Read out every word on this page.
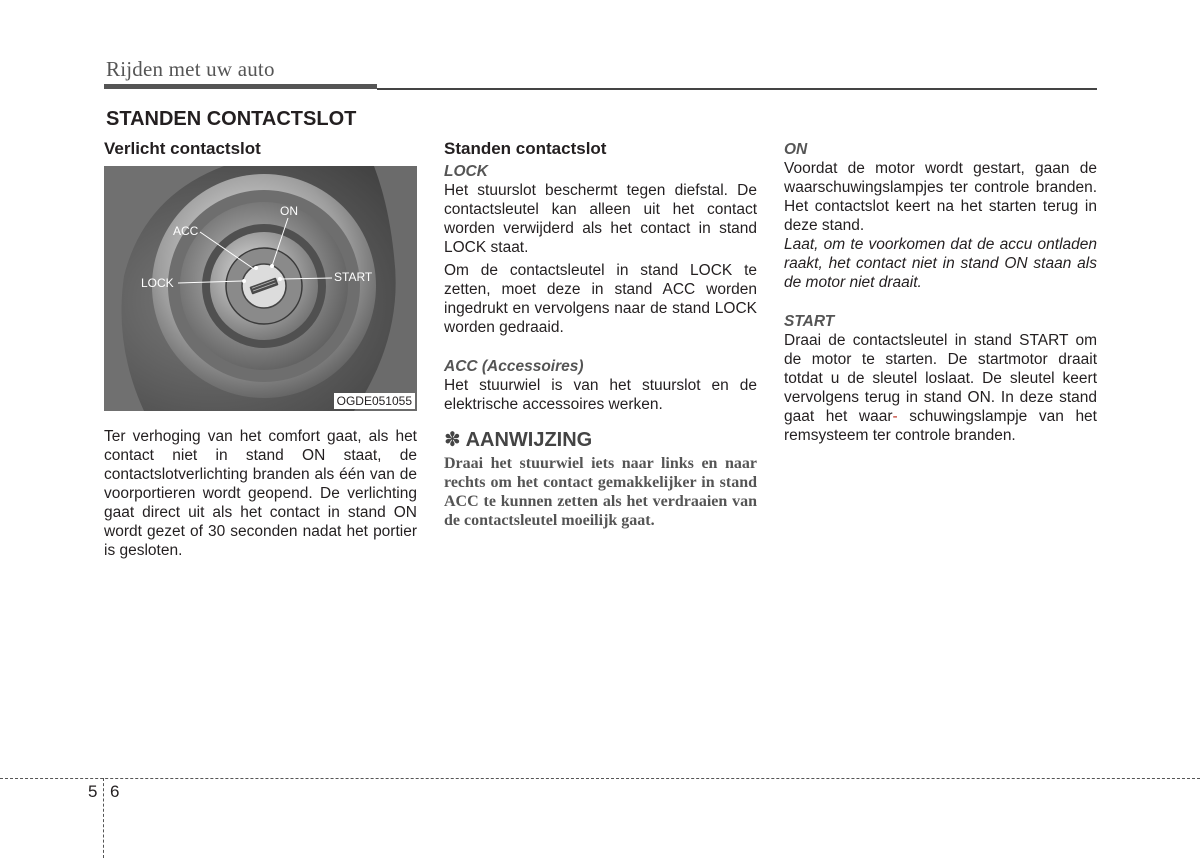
Rijden met uw auto
STANDEN CONTACTSLOT

Verlicht contactslot

ON
ACC
LOCK	START
OGDE051055

Ter verhoging van het comfort gaat, als het contact niet in stand ON staat, de contactslotverlichting branden als één van de voorportieren wordt geopend. De verlichting gaat direct uit als het contact in stand ON wordt gezet of 30 seconden nadat het portier is gesloten.

Standen contactslot

LOCK

Het stuurslot beschermt tegen diefstal. De contactsleutel kan alleen uit het contact worden verwijderd als het contact in stand LOCK staat.

Om de contactsleutel in stand LOCK te zetten, moet deze in stand ACC worden ingedrukt en vervolgens naar de stand LOCK worden gedraaid.

ACC (Accessoires)

Het stuurwiel is van het stuurslot en de elektrische accessoires werken.

✽ AANWIJZING

Draai het stuurwiel iets naar links en naar rechts om het contact gemakkelijker in stand ACC te kunnen zetten als het verdraaien van de contactsleutel moeilijk gaat.

ON

Voordat de motor wordt gestart, gaan de waarschuwingslampjes ter controle branden. Het contactslot keert na het starten terug in deze stand.

Laat, om te voorkomen dat de accu ontladen raakt, het contact niet in stand ON staan als de motor niet draait.

START

Draai de contactsleutel in stand START om de motor te starten. De startmotor draait totdat u de sleutel loslaat. De sleutel keert vervolgens terug in stand ON. In deze stand gaat het waar- schuwingslampje van het remsysteem ter controle branden.

5 6
